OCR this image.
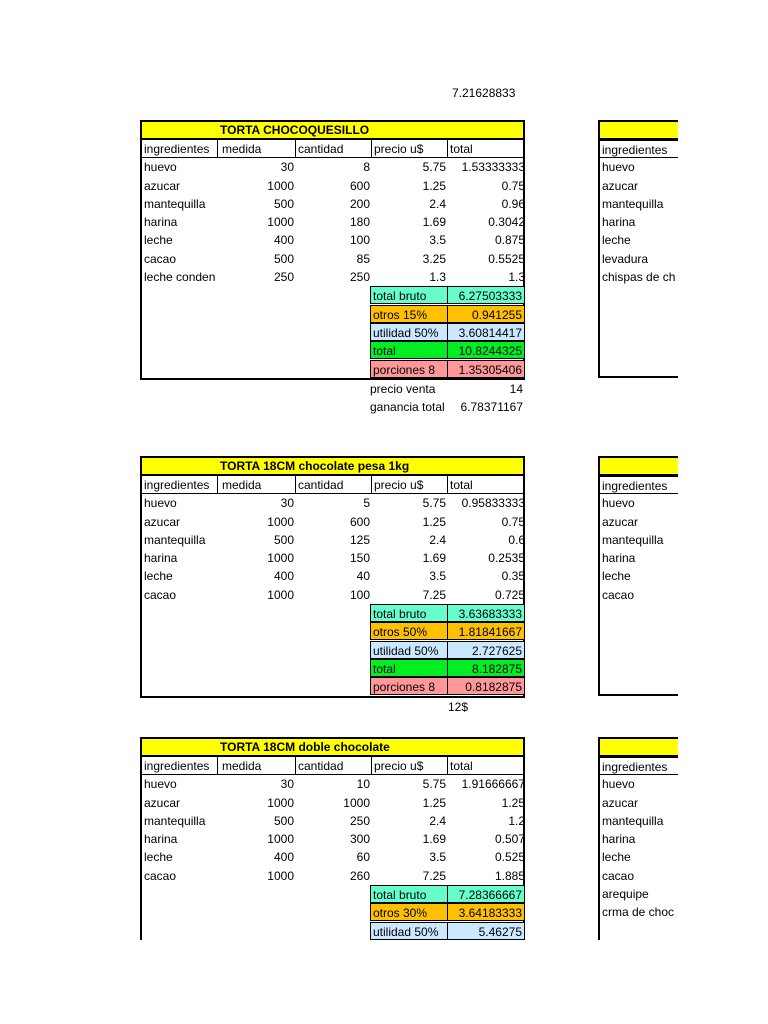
7.21628833
TORTA CHOCOQUESILLO
ingredientes	medida	cantidad	precio u$	total
huevo	30	8	5.75	1.53333333
azucar	1000	600	1.25	0.75
mantequilla	500	200	2.4	0.96
harina	1000	180	1.69	0.3042
leche	400	100	3.5	0.875
cacao	500	85	3.25	0.5525
leche conden	250	250	1.3	1.3
total bruto	6.27503333
otros 15%	0.941255
utilidad 50%	3.60814417
total	10.8244325
porciones 8	1.35305406
precio venta	14
ganancia total	6.78371167
TORTA 18CM chocolate pesa 1kg
ingredientes	medida	cantidad	precio u$	total
huevo	30	5	5.75	0.95833333
azucar	1000	600	1.25	0.75
mantequilla	500	125	2.4	0.6
harina	1000	150	1.69	0.2535
leche	400	40	3.5	0.35
cacao	1000	100	7.25	0.725
total bruto	3.63683333
otros 50%	1.81841667
utilidad 50%	2.727625
total	8.182875
porciones 8	0.8182875
12$
TORTA 18CM doble chocolate
ingredientes	medida	cantidad	precio u$	total
huevo	30	10	5.75	1.91666667
azucar	1000	1000	1.25	1.25
mantequilla	500	250	2.4	1.2
harina	1000	300	1.69	0.507
leche	400	60	3.5	0.525
cacao	1000	260	7.25	1.885
total bruto	7.28366667
otros 30%	3.64183333
utilidad 50%	5.46275
ingredientes
huevo
azucar
mantequilla
harina
leche
levadura
chispas de ch
ingredientes
huevo
azucar
mantequilla
harina
leche
cacao
ingredientes
huevo
azucar
mantequilla
harina
leche
cacao
arequipe
crma de choc
